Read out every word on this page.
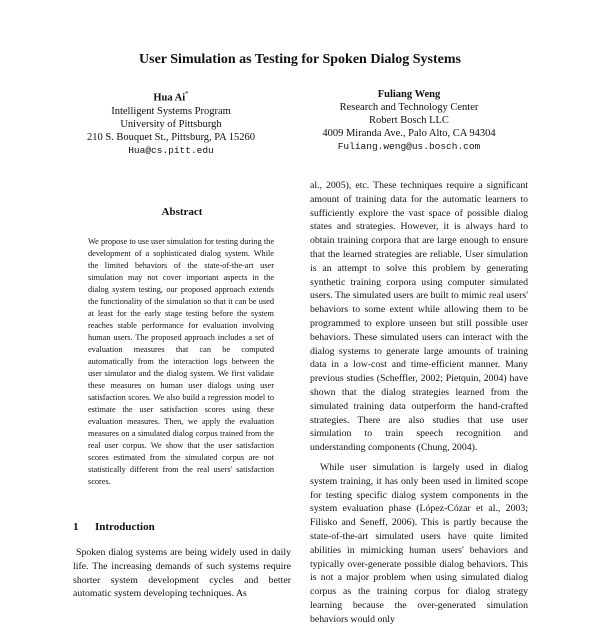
User Simulation as Testing for Spoken Dialog Systems
Hua Ai*
Intelligent Systems Program
University of Pittsburgh
210 S. Bouquet St., Pittsburg, PA 15260
Hua@cs.pitt.edu
Fuliang Weng
Research and Technology Center
Robert Bosch LLC
4009 Miranda Ave., Palo Alto, CA 94304
Fuliang.weng@us.bosch.com
Abstract
We propose to use user simulation for testing during the development of a sophisticated dialog system. While the limited behaviors of the state-of-the-art user simulation may not cover important aspects in the dialog system testing, our proposed approach extends the functionality of the simulation so that it can be used at least for the early stage testing before the system reaches stable performance for evaluation involving human users. The proposed approach includes a set of evaluation measures that can be computed automatically from the interaction logs between the user simulator and the dialog system. We first validate these measures on human user dialogs using user satisfaction scores. We also build a regression model to estimate the user satisfaction scores using these evaluation measures. Then, we apply the evaluation measures on a simulated dialog corpus trained from the real user corpus. We show that the user satisfaction scores estimated from the simulated corpus are not statistically different from the real users' satisfaction scores.
1 Introduction

Spoken dialog systems are being widely used in daily life. The increasing demands of such systems require shorter system development cycles and better automatic system developing techniques. As

al., 2005), etc. These techniques require a significant amount of training data for the automatic learners to sufficiently explore the vast space of possible dialog states and strategies. However, it is always hard to obtain training corpora that are large enough to ensure that the learned strategies are reliable. User simulation is an attempt to solve this problem by generating synthetic training corpora using computer simulated users. The simulated users are built to mimic real users' behaviors to some extent while allowing them to be programmed to explore unseen but still possible user behaviors. These simulated users can interact with the dialog systems to generate large amounts of training data in a low-cost and time-efficient manner. Many previous studies (Scheffler, 2002; Pietquin, 2004) have shown that the dialog strategies learned from the simulated training data outperform the hand-crafted strategies. There are also studies that use user simulation to train speech recognition and understanding components (Chung, 2004).

While user simulation is largely used in dialog system training, it has only been used in limited scope for testing specific dialog system components in the system evaluation phase (López-Cózar et al., 2003; Filisko and Seneff, 2006). This is partly because the state-of-the-art simulated users have quite limited abilities in mimicking human users' behaviors and typically over-generate possible dialog behaviors. This is not a major problem when using simulated dialog corpus as the training corpus for dialog strategy learning because the over-generated simulation behaviors would only
